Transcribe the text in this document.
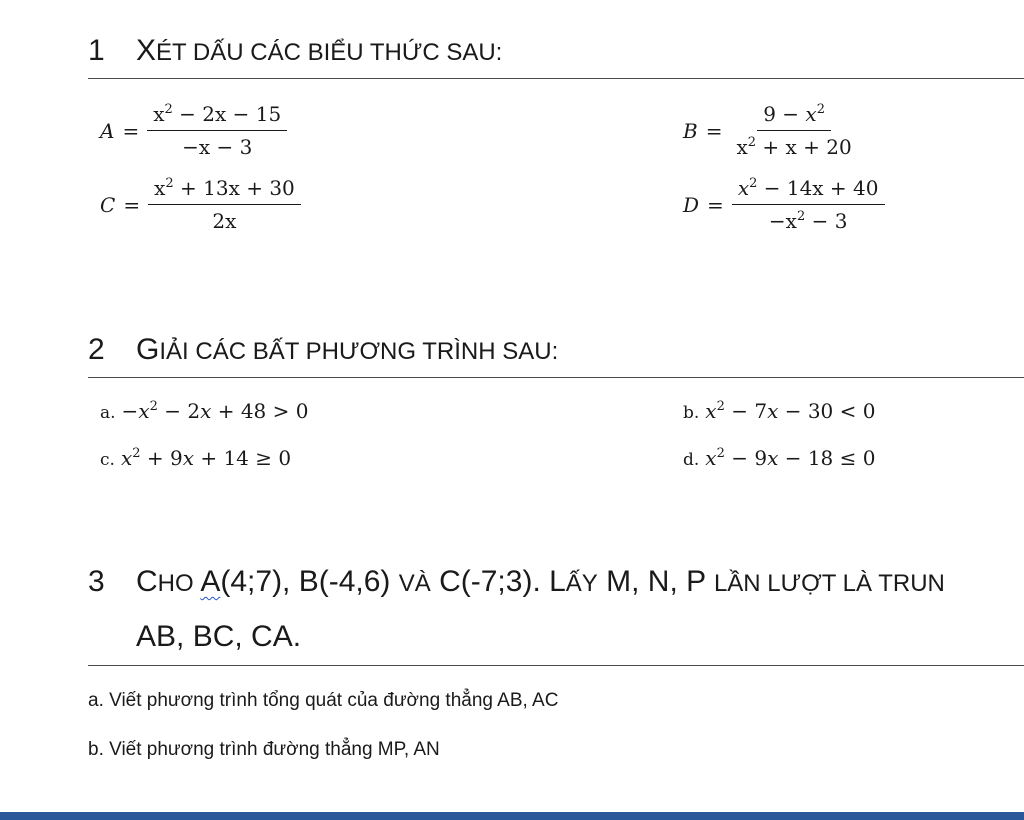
1 XÉT DẤU CÁC BIỂU THỨC SAU:
$A = \frac{x^2 - 2x - 15}{-x - 3}$	$B = \frac{9 - x^2}{x^2 + x + 20}$
$C = \frac{x^2 + 13x + 30}{2x}$	$D = \frac{x^2 - 14x + 40}{-x^2 - 3}$
2 GIẢI CÁC BẤT PHƯƠNG TRÌNH SAU:
a. $-x^2 - 2x + 48 > 0$	b. $x^2 - 7x - 30 < 0$
c. $x^2 + 9x + 14 \ge 0$	d. $x^2 - 9x - 18 \le 0$
3 CHO A(4;7), B(-4,6) VÀ C(-7;3). LẤY M, N, P LẦN LƯỢT LÀ TRUN
AB, BC, CA.
a. Viết phương trình tổng quát của đường thẳng AB, AC
b. Viết phương trình đường thẳng MP, AN
